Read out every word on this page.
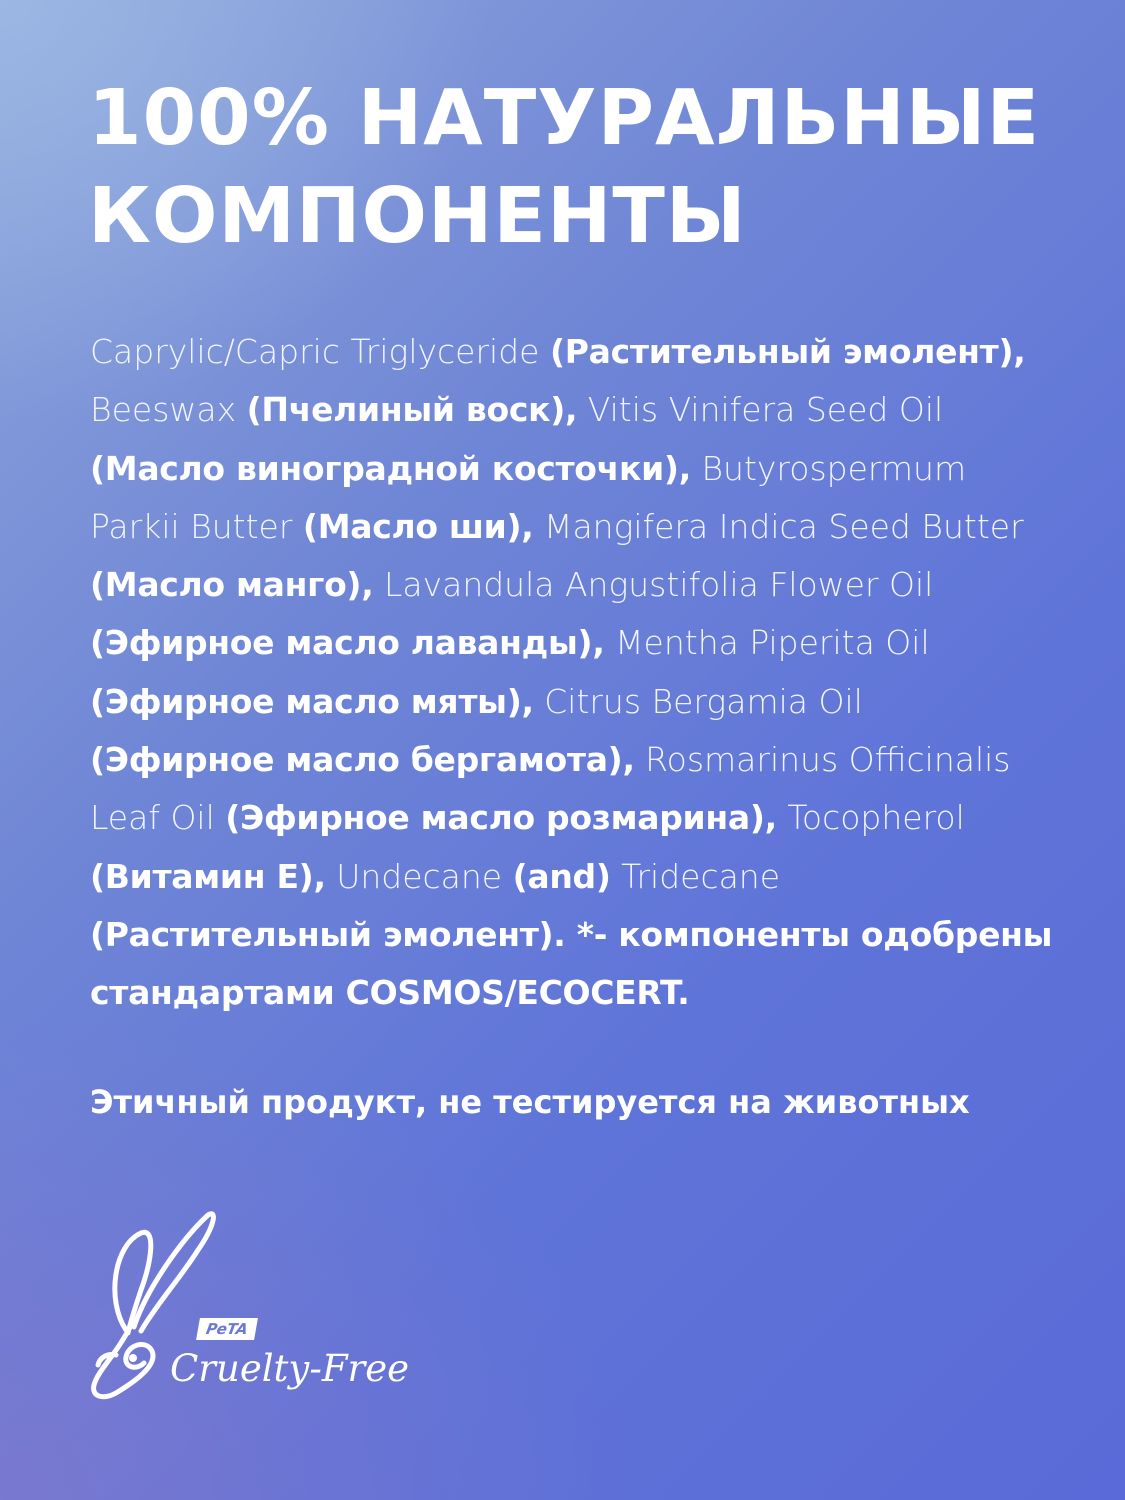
100% НАТУРАЛЬНЫЕ
КОМПОНЕНТЫ

Caprylic/Capric Triglyceride (Растительный эмолент),
Beeswax (Пчелиный воск), Vitis Vinifera Seed Oil
(Масло виноградной косточки), Butyrospermum
Parkii Butter (Масло ши), Mangifera Indica Seed Butter
(Масло манго), Lavandula Angustifolia Flower Oil
(Эфирное масло лаванды), Mentha Piperita Oil
(Эфирное масло мяты), Citrus Bergamia Oil
(Эфирное масло бергамота), Rosmarinus Officinalis
Leaf Oil (Эфирное масло розмарина), Tocopherol
(Витамин Е), Undecane (and) Tridecane
(Растительный эмолент). *- компоненты одобрены
стандартами COSMOS/ECOCERT.

Этичный продукт, не тестируется на животных

PeTA
Cruelty-Free
